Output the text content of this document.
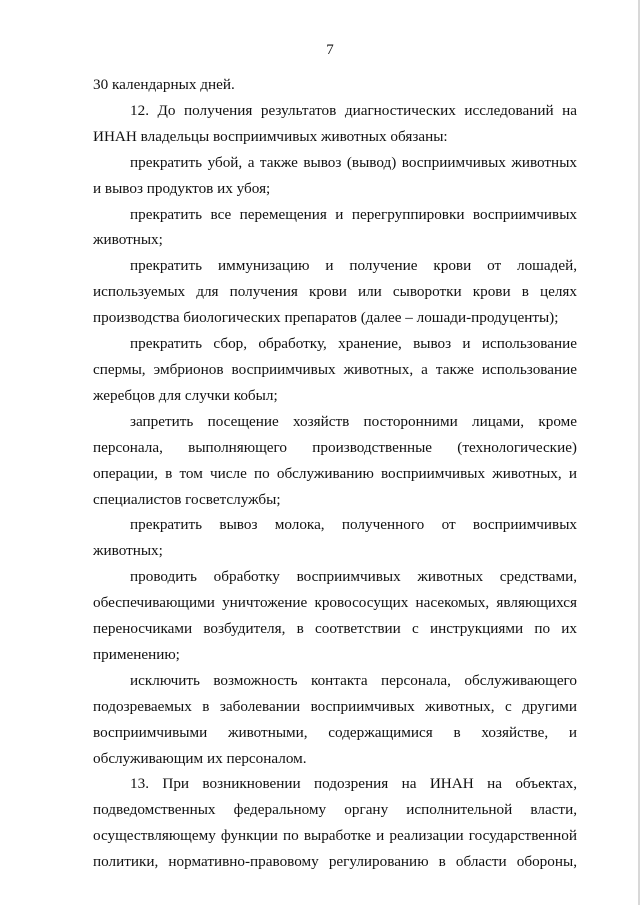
7

30 календарных дней.

12. До получения результатов диагностических исследований на ИНАН владельцы восприимчивых животных обязаны:

прекратить убой, а также вывоз (вывод) восприимчивых животных и вывоз продуктов их убоя;

прекратить все перемещения и перегруппировки восприимчивых животных;

прекратить иммунизацию и получение крови от лошадей, используемых для получения крови или сыворотки крови в целях производства биологических препаратов (далее – лошади-продуценты);

прекратить сбор, обработку, хранение, вывоз и использование спермы, эмбрионов восприимчивых животных, а также использование жеребцов для случки кобыл;

запретить посещение хозяйств посторонними лицами, кроме персонала, выполняющего производственные (технологические) операции, в том числе по обслуживанию восприимчивых животных, и специалистов госветслужбы;

прекратить вывоз молока, полученного от восприимчивых животных;

проводить обработку восприимчивых животных средствами, обеспечивающими уничтожение кровососущих насекомых, являющихся переносчиками возбудителя, в соответствии с инструкциями по их применению;

исключить возможность контакта персонала, обслуживающего подозреваемых в заболевании восприимчивых животных, с другими восприимчивыми животными, содержащимися в хозяйстве, и обслуживающим их персоналом.

13. При возникновении подозрения на ИНАН на объектах, подведомственных федеральному органу исполнительной власти, осуществляющему функции по выработке и реализации государственной политики, нормативно-правовому регулированию в области обороны,
